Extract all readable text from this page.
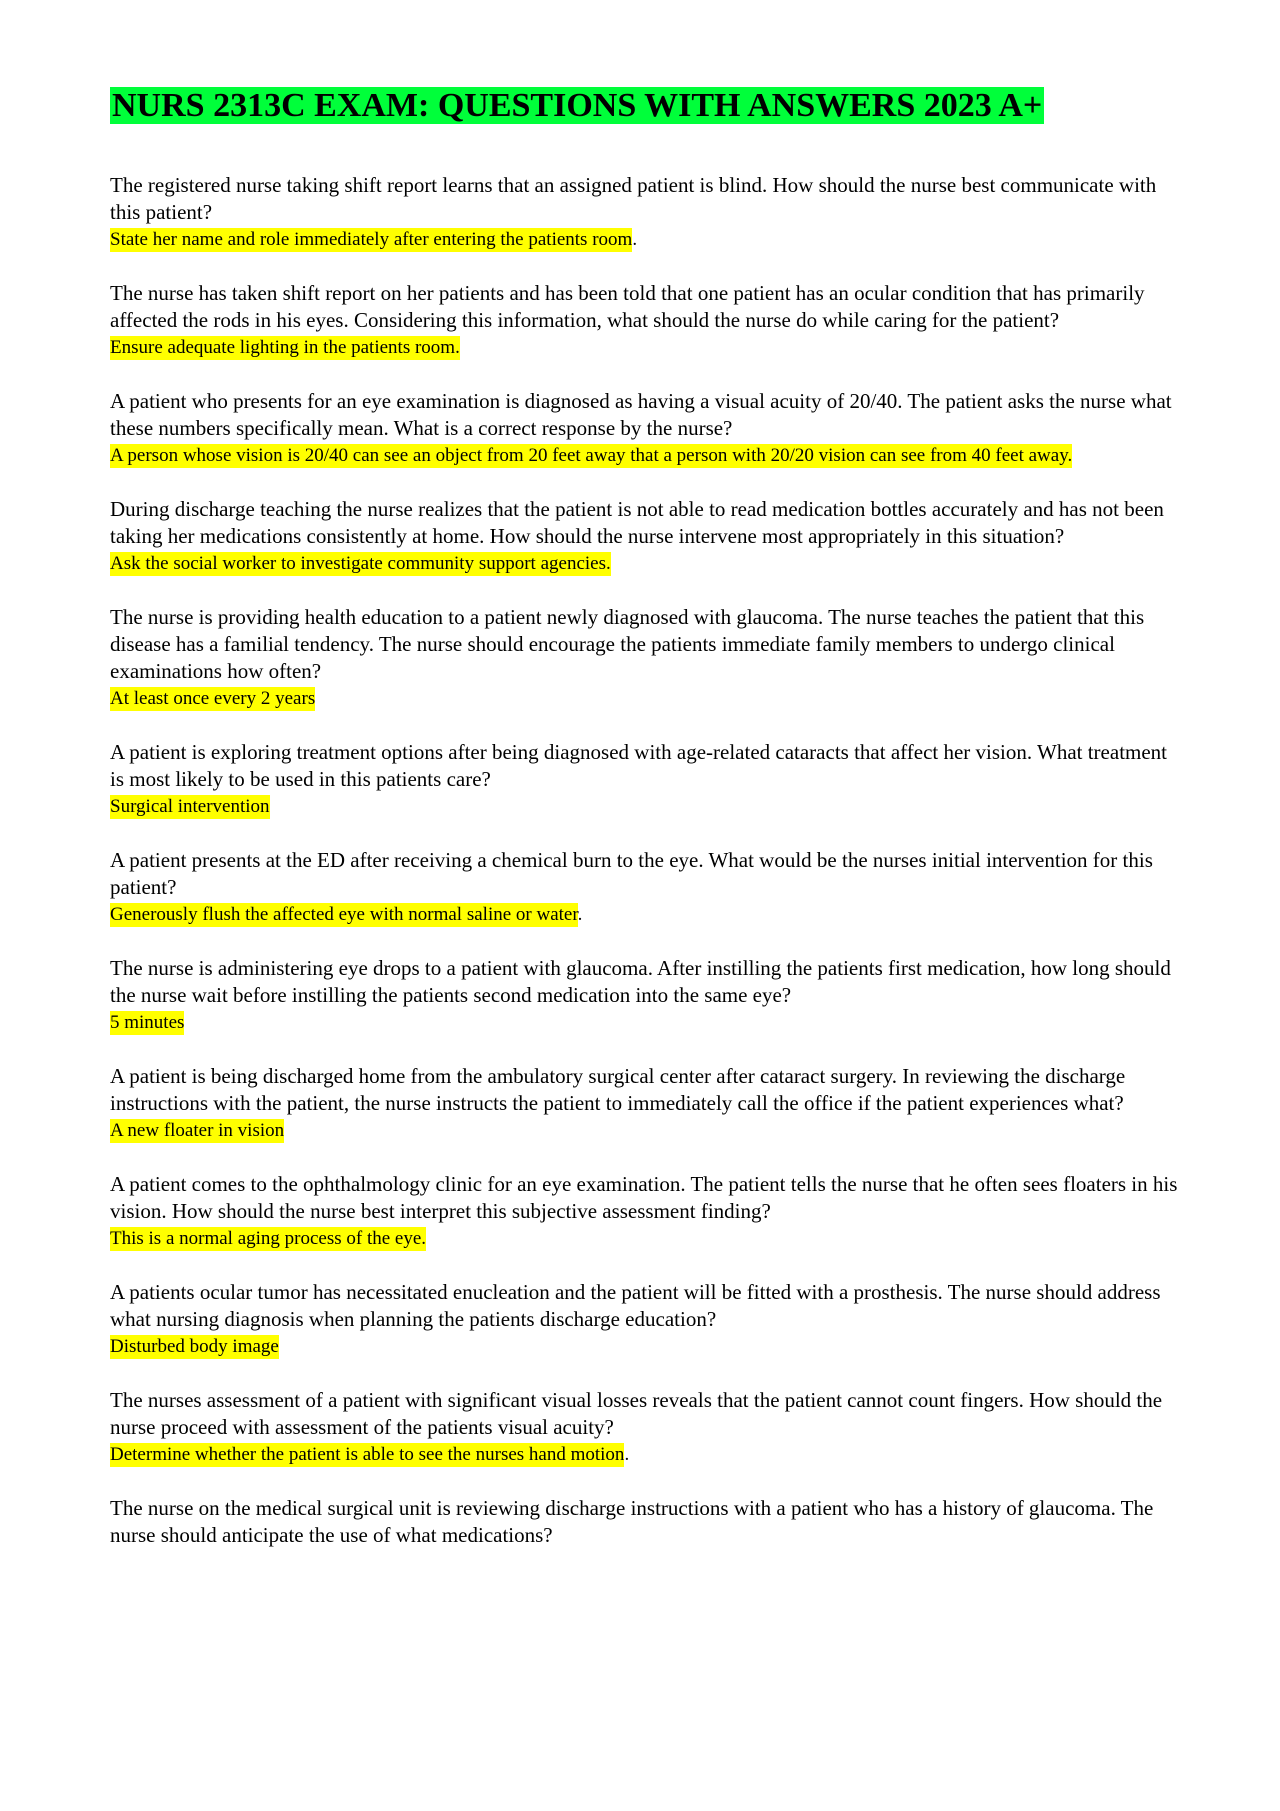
NURS 2313C EXAM: QUESTIONS WITH ANSWERS 2023 A+

The registered nurse taking shift report learns that an assigned patient is blind. How should the nurse best communicate with this patient?

State her name and role immediately after entering the patients room.

The nurse has taken shift report on her patients and has been told that one patient has an ocular condition that has primarily affected the rods in his eyes. Considering this information, what should the nurse do while caring for the patient?

Ensure adequate lighting in the patients room.

A patient who presents for an eye examination is diagnosed as having a visual acuity of 20/40. The patient asks the nurse what these numbers specifically mean. What is a correct response by the nurse?

A person whose vision is 20/40 can see an object from 20 feet away that a person with 20/20 vision can see from 40 feet away.

During discharge teaching the nurse realizes that the patient is not able to read medication bottles accurately and has not been taking her medications consistently at home. How should the nurse intervene most appropriately in this situation?

Ask the social worker to investigate community support agencies.

The nurse is providing health education to a patient newly diagnosed with glaucoma. The nurse teaches the patient that this disease has a familial tendency. The nurse should encourage the patients immediate family members to undergo clinical examinations how often?

At least once every 2 years

A patient is exploring treatment options after being diagnosed with age-related cataracts that affect her vision. What treatment is most likely to be used in this patients care?

Surgical intervention

A patient presents at the ED after receiving a chemical burn to the eye. What would be the nurses initial intervention for this patient?

Generously flush the affected eye with normal saline or water.

The nurse is administering eye drops to a patient with glaucoma. After instilling the patients first medication, how long should the nurse wait before instilling the patients second medication into the same eye?

5 minutes

A patient is being discharged home from the ambulatory surgical center after cataract surgery. In reviewing the discharge instructions with the patient, the nurse instructs the patient to immediately call the office if the patient experiences what?

A new floater in vision

A patient comes to the ophthalmology clinic for an eye examination. The patient tells the nurse that he often sees floaters in his vision. How should the nurse best interpret this subjective assessment finding?

This is a normal aging process of the eye.

A patients ocular tumor has necessitated enucleation and the patient will be fitted with a prosthesis. The nurse should address what nursing diagnosis when planning the patients discharge education?

Disturbed body image

The nurses assessment of a patient with significant visual losses reveals that the patient cannot count fingers. How should the nurse proceed with assessment of the patients visual acuity?

Determine whether the patient is able to see the nurses hand motion.

The nurse on the medical surgical unit is reviewing discharge instructions with a patient who has a history of glaucoma. The nurse should anticipate the use of what medications?
